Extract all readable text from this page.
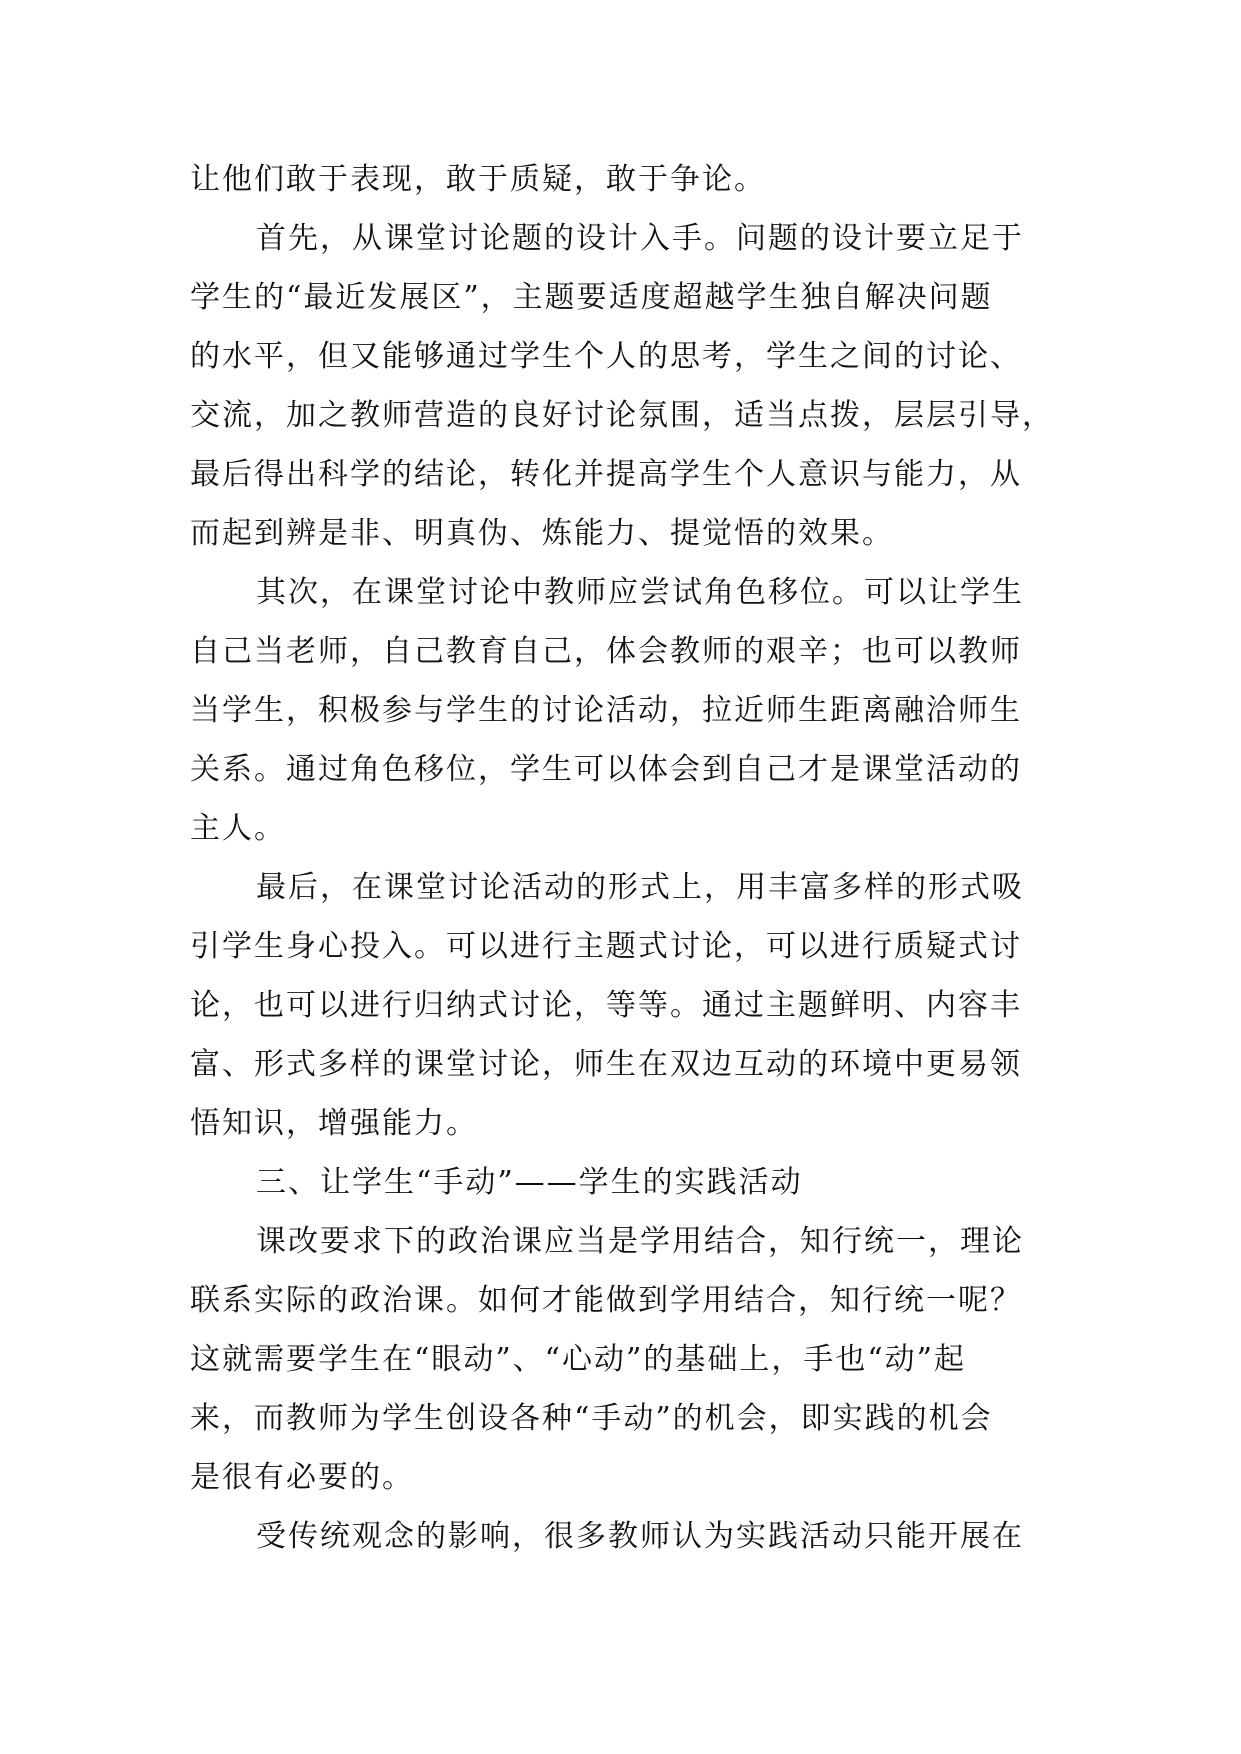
让他们敢于表现，敢于质疑，敢于争论。
首先，从课堂讨论题的设计入手。问题的设计要立足于
学生的“最近发展区”，主题要适度超越学生独自解决问题
的水平，但又能够通过学生个人的思考，学生之间的讨论、
交流，加之教师营造的良好讨论氛围，适当点拨，层层引导，
最后得出科学的结论，转化并提高学生个人意识与能力，从
而起到辨是非、明真伪、炼能力、提觉悟的效果。
其次，在课堂讨论中教师应尝试角色移位。可以让学生
自己当老师，自己教育自己，体会教师的艰辛；也可以教师
当学生，积极参与学生的讨论活动，拉近师生距离融洽师生
关系。通过角色移位，学生可以体会到自己才是课堂活动的
主人。
最后，在课堂讨论活动的形式上，用丰富多样的形式吸
引学生身心投入。可以进行主题式讨论，可以进行质疑式讨
论，也可以进行归纳式讨论，等等。通过主题鲜明、内容丰
富、形式多样的课堂讨论，师生在双边互动的环境中更易领
悟知识，增强能力。
三、让学生“手动”——学生的实践活动
课改要求下的政治课应当是学用结合，知行统一，理论
联系实际的政治课。如何才能做到学用结合，知行统一呢？
这就需要学生在“眼动”、“心动”的基础上，手也“动”起
来，而教师为学生创设各种“手动”的机会，即实践的机会
是很有必要的。
受传统观念的影响，很多教师认为实践活动只能开展在
